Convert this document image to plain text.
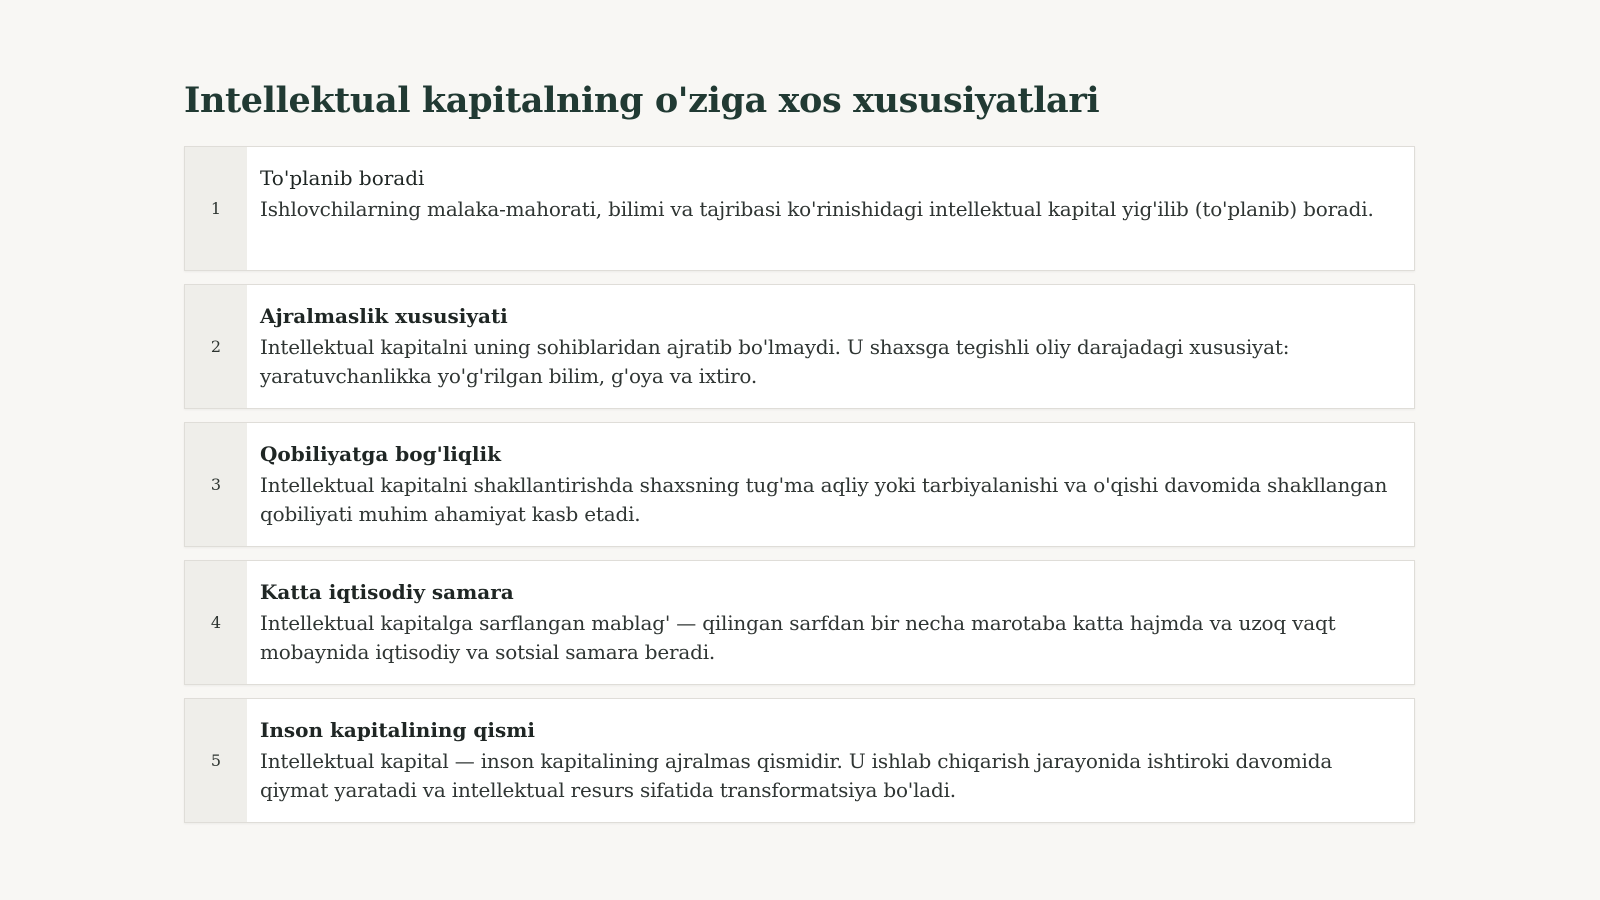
Intellektual kapitalning o'ziga xos xususiyatlari
1

To'planib boradi

Ishlovchilarning malaka-mahorati, bilimi va tajribasi ko'rinishidagi intellektual kapital yig'ilib (to'planib) boradi.

2

Ajralmaslik xususiyati

Intellektual kapitalni uning sohiblaridan ajratib bo'lmaydi. U shaxsga tegishli oliy darajadagi xususiyat: yaratuvchanlikka yo'g'rilgan bilim, g'oya va ixtiro.

3

Qobiliyatga bog'liqlik

Intellektual kapitalni shakllantirishda shaxsning tug'ma aqliy yoki tarbiyalanishi va o'qishi davomida shakllangan qobiliyati muhim ahamiyat kasb etadi.

4

Katta iqtisodiy samara

Intellektual kapitalga sarflangan mablag' — qilingan sarfdan bir necha marotaba katta hajmda va uzoq vaqt mobaynida iqtisodiy va sotsial samara beradi.

5

Inson kapitalining qismi

Intellektual kapital — inson kapitalining ajralmas qismidir. U ishlab chiqarish jarayonida ishtiroki davomida qiymat yaratadi va intellektual resurs sifatida transformatsiya bo'ladi.
